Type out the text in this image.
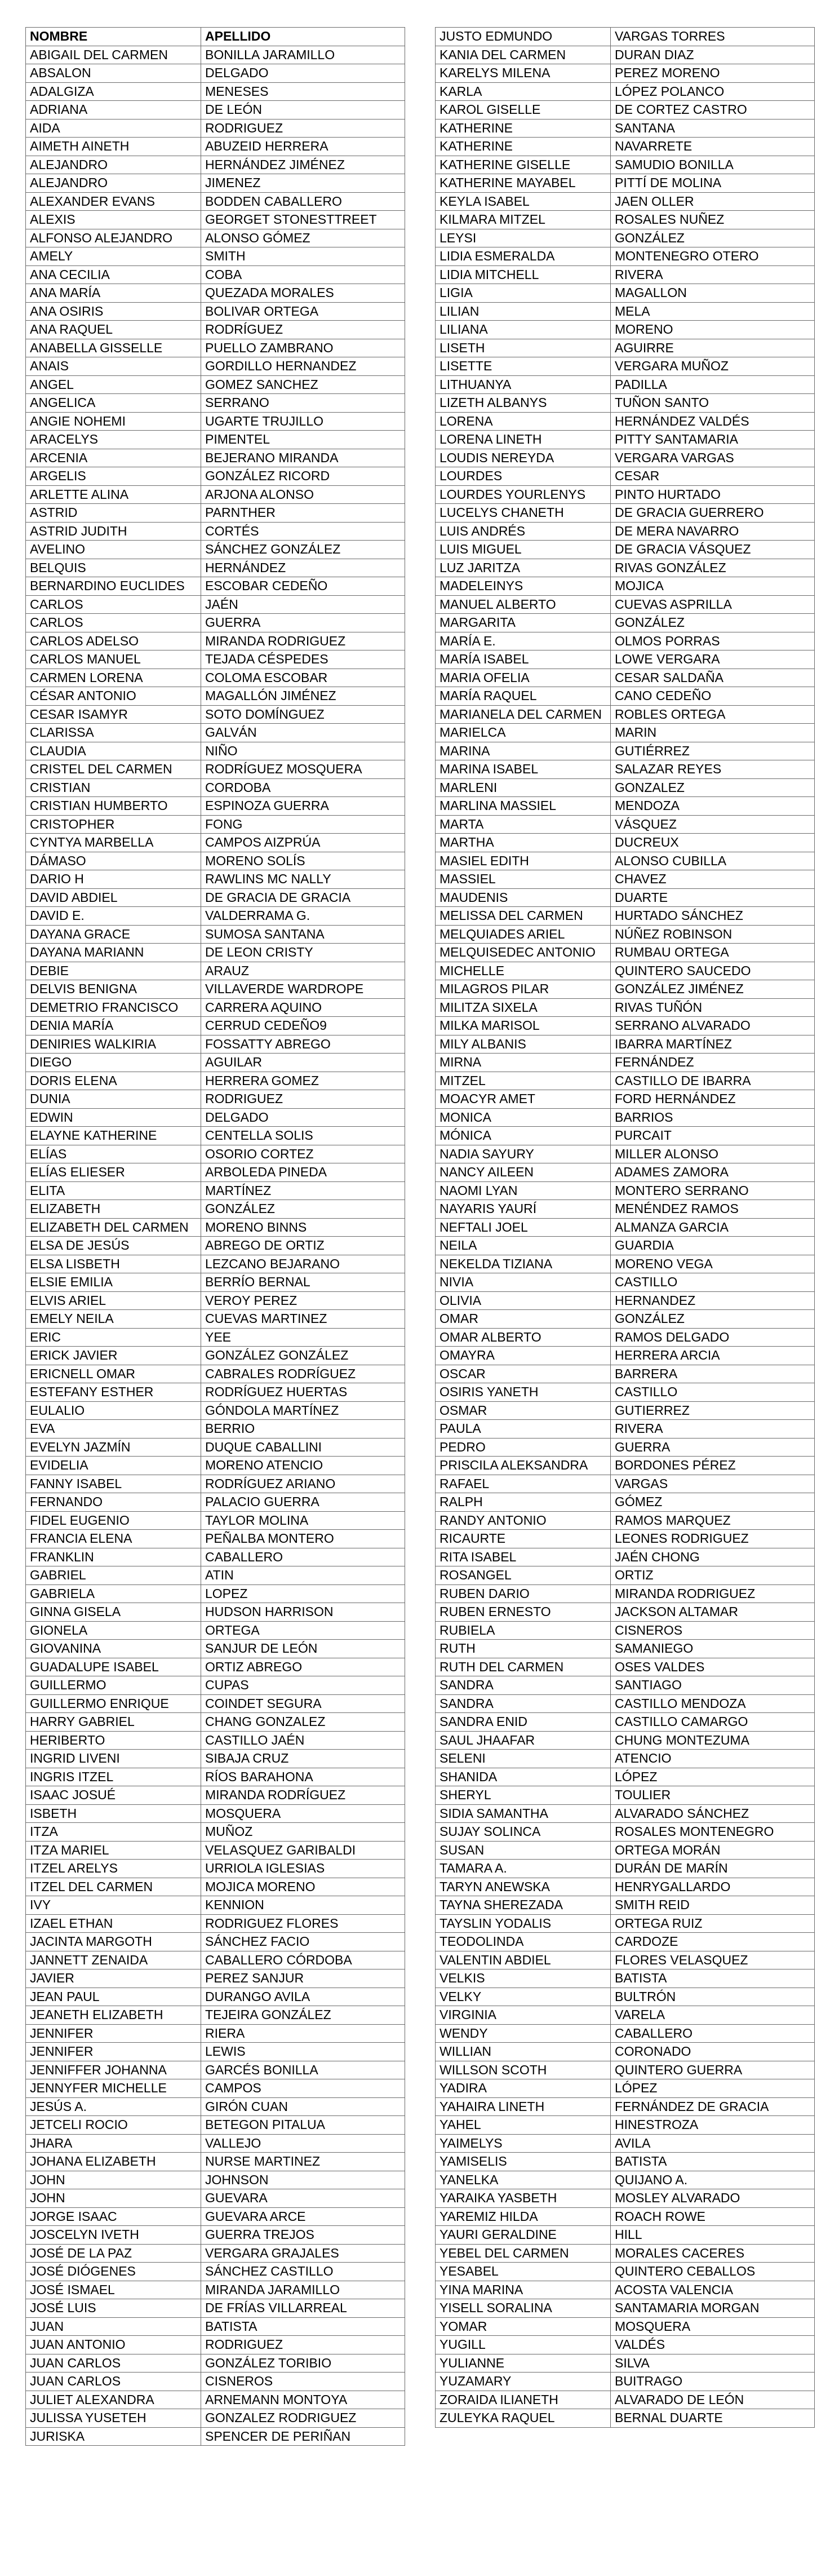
NOMBRE	APELLIDO
ABIGAIL DEL CARMEN	BONILLA JARAMILLO
ABSALON	DELGADO
ADALGIZA	MENESES
ADRIANA	DE LEÓN
AIDA	RODRIGUEZ
AIMETH AINETH	ABUZEID HERRERA
ALEJANDRO	HERNÁNDEZ JIMÉNEZ
ALEJANDRO	JIMENEZ
ALEXANDER EVANS	BODDEN CABALLERO
ALEXIS	GEORGET STONESTTREET
ALFONSO ALEJANDRO	ALONSO GÓMEZ
AMELY	SMITH
ANA CECILIA	COBA
ANA MARÍA	QUEZADA MORALES
ANA OSIRIS	BOLIVAR ORTEGA
ANA RAQUEL	RODRÍGUEZ
ANABELLA GISSELLE	PUELLO ZAMBRANO
ANAIS	GORDILLO HERNANDEZ
ANGEL	GOMEZ SANCHEZ
ANGELICA	SERRANO
ANGIE NOHEMI	UGARTE TRUJILLO
ARACELYS	PIMENTEL
ARCENIA	BEJERANO MIRANDA
ARGELIS	GONZÁLEZ RICORD
ARLETTE ALINA	ARJONA ALONSO
ASTRID	PARNTHER
ASTRID JUDITH	CORTÉS
AVELINO	SÁNCHEZ GONZÁLEZ
BELQUIS	HERNÁNDEZ
BERNARDINO EUCLIDES	ESCOBAR CEDEÑO
CARLOS	JAÉN
CARLOS	GUERRA
CARLOS ADELSO	MIRANDA RODRIGUEZ
CARLOS MANUEL	TEJADA CÉSPEDES
CARMEN LORENA	COLOMA ESCOBAR
CÉSAR ANTONIO	MAGALLÓN JIMÉNEZ
CESAR ISAMYR	SOTO DOMÍNGUEZ
CLARISSA	GALVÁN
CLAUDIA	NIÑO
CRISTEL DEL CARMEN	RODRÍGUEZ MOSQUERA
CRISTIAN	CORDOBA
CRISTIAN HUMBERTO	ESPINOZA GUERRA
CRISTOPHER	FONG
CYNTYA MARBELLA	CAMPOS AIZPRÚA
DÁMASO	MORENO SOLÍS
DARIO H	RAWLINS MC NALLY
DAVID ABDIEL	DE GRACIA DE GRACIA
DAVID E.	VALDERRAMA G.
DAYANA GRACE	SUMOSA SANTANA
DAYANA MARIANN	DE LEON CRISTY
DEBIE	ARAUZ
DELVIS BENIGNA	VILLAVERDE WARDROPE
DEMETRIO FRANCISCO	CARRERA AQUINO
DENIA MARÍA	CERRUD CEDEÑO9
DENIRIES WALKIRIA	FOSSATTY ABREGO
DIEGO	AGUILAR
DORIS ELENA	HERRERA GOMEZ
DUNIA	RODRIGUEZ
EDWIN	DELGADO
ELAYNE KATHERINE	CENTELLA SOLIS
ELÍAS	OSORIO CORTEZ
ELÍAS ELIESER	ARBOLEDA PINEDA
ELITA	MARTÍNEZ
ELIZABETH	GONZÁLEZ
ELIZABETH DEL CARMEN	MORENO BINNS
ELSA DE JESÚS	ABREGO DE ORTIZ
ELSA LISBETH	LEZCANO BEJARANO
ELSIE EMILIA	BERRÍO BERNAL
ELVIS ARIEL	VEROY PEREZ
EMELY NEILA	CUEVAS MARTINEZ
ERIC	YEE
ERICK JAVIER	GONZÁLEZ GONZÁLEZ
ERICNELL OMAR	CABRALES RODRÍGUEZ
ESTEFANY ESTHER	RODRÍGUEZ HUERTAS
EULALIO	GÓNDOLA MARTÍNEZ
EVA	BERRIO
EVELYN JAZMÍN	DUQUE CABALLINI
EVIDELIA	MORENO ATENCIO
FANNY ISABEL	RODRÍGUEZ ARIANO
FERNANDO	PALACIO GUERRA
FIDEL EUGENIO	TAYLOR MOLINA
FRANCIA ELENA	PEÑALBA MONTERO
FRANKLIN	CABALLERO
GABRIEL	ATIN
GABRIELA	LOPEZ
GINNA GISELA	HUDSON HARRISON
GIONELA	ORTEGA
GIOVANINA	SANJUR DE LEÓN
GUADALUPE ISABEL	ORTIZ ABREGO
GUILLERMO	CUPAS
GUILLERMO ENRIQUE	COINDET SEGURA
HARRY GABRIEL	CHANG GONZALEZ
HERIBERTO	CASTILLO JAÉN
INGRID LIVENI	SIBAJA CRUZ
INGRIS ITZEL	RÍOS BARAHONA
ISAAC JOSUÉ	MIRANDA RODRÍGUEZ
ISBETH	MOSQUERA
ITZA	MUÑOZ
ITZA MARIEL	VELASQUEZ GARIBALDI
ITZEL ARELYS	URRIOLA IGLESIAS
ITZEL DEL CARMEN	MOJICA MORENO
IVY	KENNION
IZAEL ETHAN	RODRIGUEZ FLORES
JACINTA MARGOTH	SÁNCHEZ FACIO
JANNETT ZENAIDA	CABALLERO CÓRDOBA
JAVIER	PEREZ SANJUR
JEAN PAUL	DURANGO AVILA
JEANETH ELIZABETH	TEJEIRA GONZÁLEZ
JENNIFER	RIERA
JENNIFER	LEWIS
JENNIFFER JOHANNA	GARCÉS BONILLA
JENNYFER MICHELLE	CAMPOS
JESÚS A.	GIRÓN CUAN
JETCELI ROCIO	BETEGON PITALUA
JHARA	VALLEJO
JOHANA ELIZABETH	NURSE MARTINEZ
JOHN	JOHNSON
JOHN	GUEVARA
JORGE ISAAC	GUEVARA ARCE
JOSCELYN IVETH	GUERRA TREJOS
JOSÉ DE LA PAZ	VERGARA GRAJALES
JOSÉ DIÓGENES	SÁNCHEZ CASTILLO
JOSÉ ISMAEL	MIRANDA JARAMILLO
JOSÉ LUIS	DE FRÍAS VILLARREAL
JUAN	BATISTA
JUAN ANTONIO	RODRIGUEZ
JUAN CARLOS	GONZÁLEZ TORIBIO
JUAN CARLOS	CISNEROS
JULIET ALEXANDRA	ARNEMANN MONTOYA
JULISSA YUSETEH	GONZALEZ RODRIGUEZ
JURISKA	SPENCER DE PERIÑAN
JUSTO EDMUNDO	VARGAS TORRES
KANIA DEL CARMEN	DURAN DIAZ
KARELYS MILENA	PEREZ MORENO
KARLA	LÓPEZ POLANCO
KAROL GISELLE	DE CORTEZ CASTRO
KATHERINE	SANTANA
KATHERINE	NAVARRETE
KATHERINE GISELLE	SAMUDIO BONILLA
KATHERINE MAYABEL	PITTÍ DE MOLINA
KEYLA ISABEL	JAEN OLLER
KILMARA MITZEL	ROSALES NUÑEZ
LEYSI	GONZÁLEZ
LIDIA ESMERALDA	MONTENEGRO OTERO
LIDIA MITCHELL	RIVERA
LIGIA	MAGALLON
LILIAN	MELA
LILIANA	MORENO
LISETH	AGUIRRE
LISETTE	VERGARA MUÑOZ
LITHUANYA	PADILLA
LIZETH ALBANYS	TUÑON SANTO
LORENA	HERNÁNDEZ VALDÉS
LORENA LINETH	PITTY SANTAMARIA
LOUDIS NEREYDA	VERGARA VARGAS
LOURDES	CESAR
LOURDES YOURLENYS	PINTO HURTADO
LUCELYS CHANETH	DE GRACIA GUERRERO
LUIS ANDRÉS	DE MERA NAVARRO
LUIS MIGUEL	DE GRACIA VÁSQUEZ
LUZ JARITZA	RIVAS GONZÁLEZ
MADELEINYS	MOJICA
MANUEL ALBERTO	CUEVAS ASPRILLA
MARGARITA	GONZÁLEZ
MARÍA E.	OLMOS PORRAS
MARÍA ISABEL	LOWE VERGARA
MARIA OFELIA	CESAR SALDAÑA
MARÍA RAQUEL	CANO CEDEÑO
MARIANELA DEL CARMEN	ROBLES ORTEGA
MARIELCA	MARIN
MARINA	GUTIÉRREZ
MARINA ISABEL	SALAZAR REYES
MARLENI	GONZALEZ
MARLINA MASSIEL	MENDOZA
MARTA	VÁSQUEZ
MARTHA	DUCREUX
MASIEL EDITH	ALONSO CUBILLA
MASSIEL	CHAVEZ
MAUDENIS	DUARTE
MELISSA DEL CARMEN	HURTADO SÁNCHEZ
MELQUIADES ARIEL	NÚÑEZ ROBINSON
MELQUISEDEC ANTONIO	RUMBAU ORTEGA
MICHELLE	QUINTERO SAUCEDO
MILAGROS PILAR	GONZÁLEZ JIMÉNEZ
MILITZA SIXELA	RIVAS TUÑÓN
MILKA MARISOL	SERRANO ALVARADO
MILY ALBANIS	IBARRA MARTÍNEZ
MIRNA	FERNÁNDEZ
MITZEL	CASTILLO DE IBARRA
MOACYR AMET	FORD HERNÁNDEZ
MONICA	BARRIOS
MÓNICA	PURCAIT
NADIA SAYURY	MILLER ALONSO
NANCY AILEEN	ADAMES ZAMORA
NAOMI LYAN	MONTERO SERRANO
NAYARIS YAURÍ	MENÉNDEZ RAMOS
NEFTALI JOEL	ALMANZA GARCIA
NEILA	GUARDIA
NEKELDA TIZIANA	MORENO VEGA
NIVIA	CASTILLO
OLIVIA	HERNANDEZ
OMAR	GONZÁLEZ
OMAR ALBERTO	RAMOS DELGADO
OMAYRA	HERRERA ARCIA
OSCAR	BARRERA
OSIRIS YANETH	CASTILLO
OSMAR	GUTIERREZ
PAULA	RIVERA
PEDRO	GUERRA
PRISCILA ALEKSANDRA	BORDONES PÉREZ
RAFAEL	VARGAS
RALPH	GÓMEZ
RANDY ANTONIO	RAMOS MARQUEZ
RICAURTE	LEONES RODRIGUEZ
RITA ISABEL	JAÉN CHONG
ROSANGEL	ORTIZ
RUBEN DARIO	MIRANDA RODRIGUEZ
RUBEN ERNESTO	JACKSON ALTAMAR
RUBIELA	CISNEROS
RUTH	SAMANIEGO
RUTH DEL CARMEN	OSES VALDES
SANDRA	SANTIAGO
SANDRA	CASTILLO MENDOZA
SANDRA ENID	CASTILLO CAMARGO
SAUL JHAAFAR	CHUNG MONTEZUMA
SELENI	ATENCIO
SHANIDA	LÓPEZ
SHERYL	TOULIER
SIDIA SAMANTHA	ALVARADO SÁNCHEZ
SUJAY SOLINCA	ROSALES MONTENEGRO
SUSAN	ORTEGA MORÁN
TAMARA A.	DURÁN DE MARÍN
TARYN ANEWSKA	HENRYGALLARDO
TAYNA SHEREZADA	SMITH REID
TAYSLIN YODALIS	ORTEGA RUIZ
TEODOLINDA	CARDOZE
VALENTIN ABDIEL	FLORES VELASQUEZ
VELKIS	BATISTA
VELKY	BULTRÓN
VIRGINIA	VARELA
WENDY	CABALLERO
WILLIAN	CORONADO
WILLSON SCOTH	QUINTERO GUERRA
YADIRA	LÓPEZ
YAHAIRA LINETH	FERNÁNDEZ DE GRACIA
YAHEL	HINESTROZA
YAIMELYS	AVILA
YAMISELIS	BATISTA
YANELKA	QUIJANO A.
YARAIKA YASBETH	MOSLEY ALVARADO
YAREMIZ HILDA	ROACH ROWE
YAURI GERALDINE	HILL
YEBEL DEL CARMEN	MORALES CACERES
YESABEL	QUINTERO CEBALLOS
YINA MARINA	ACOSTA VALENCIA
YISELL SORALINA	SANTAMARIA MORGAN
YOMAR	MOSQUERA
YUGILL	VALDÉS
YULIANNE	SILVA
YUZAMARY	BUITRAGO
ZORAIDA ILIANETH	ALVARADO DE LEÓN
ZULEYKA RAQUEL	BERNAL DUARTE
